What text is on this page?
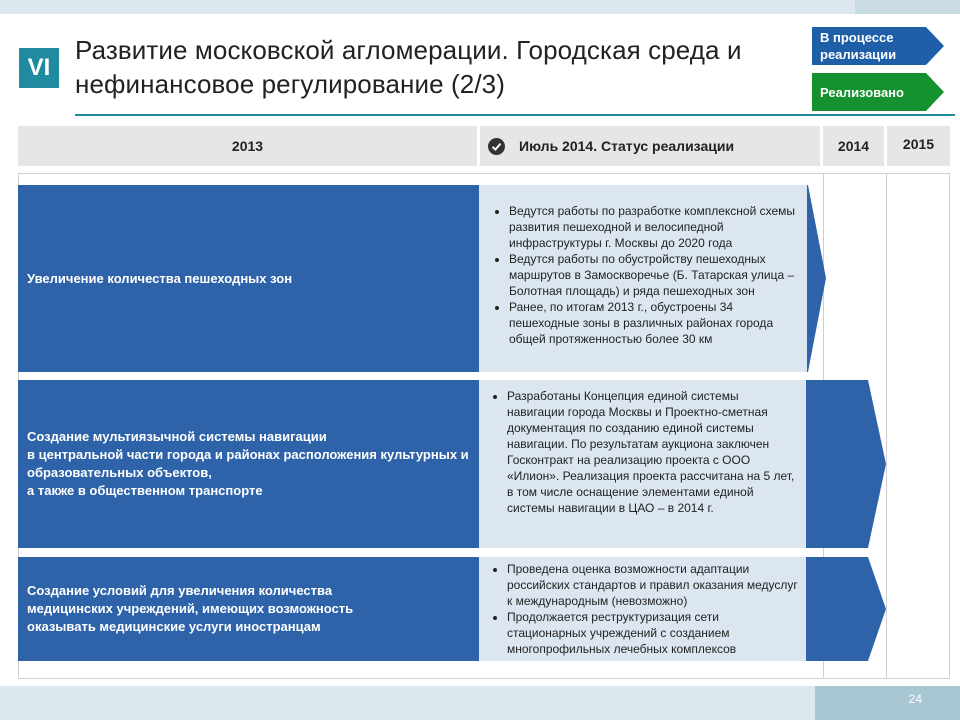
VI
Развитие московской агломерации. Городская среда и нефинансовое регулирование (2/3)
В процессе
реализации
Реализовано
2013	Июль 2014. Статус реализации	2014 2015
Увеличение количества пешеходных зон
• Ведутся работы по разработке комплексной схемы развития пешеходной и велосипедной инфраструктуры г. Москвы до 2020 года
• Ведутся работы по обустройству пешеходных маршрутов в Замоскворечье (Б. Татарская улица – Болотная площадь) и ряда пешеходных зон
• Ранее, по итогам 2013 г., обустроены 34 пешеходные зоны в различных районах города общей протяженностью более 30 км
Создание мультиязычной системы навигации
в центральной части города и районах расположения культурных и образовательных объектов,
а также в общественном транспорте
• Разработаны Концепция единой системы навигации города Москвы и Проектно-сметная документация по созданию единой системы навигации. По результатам аукциона заключен Госконтракт на реализацию проекта с ООО «Илион». Реализация проекта рассчитана на 5 лет, в том числе оснащение элементами единой системы навигации в ЦАО – в 2014 г.
Создание условий для увеличения количества медицинских учреждений, имеющих возможность оказывать медицинские услуги иностранцам
• Проведена оценка возможности адаптации российских стандартов и правил оказания медуслуг к международным (невозможно)
• Продолжается реструктуризация сети стационарных учреждений с созданием многопрофильных лечебных комплексов
24
